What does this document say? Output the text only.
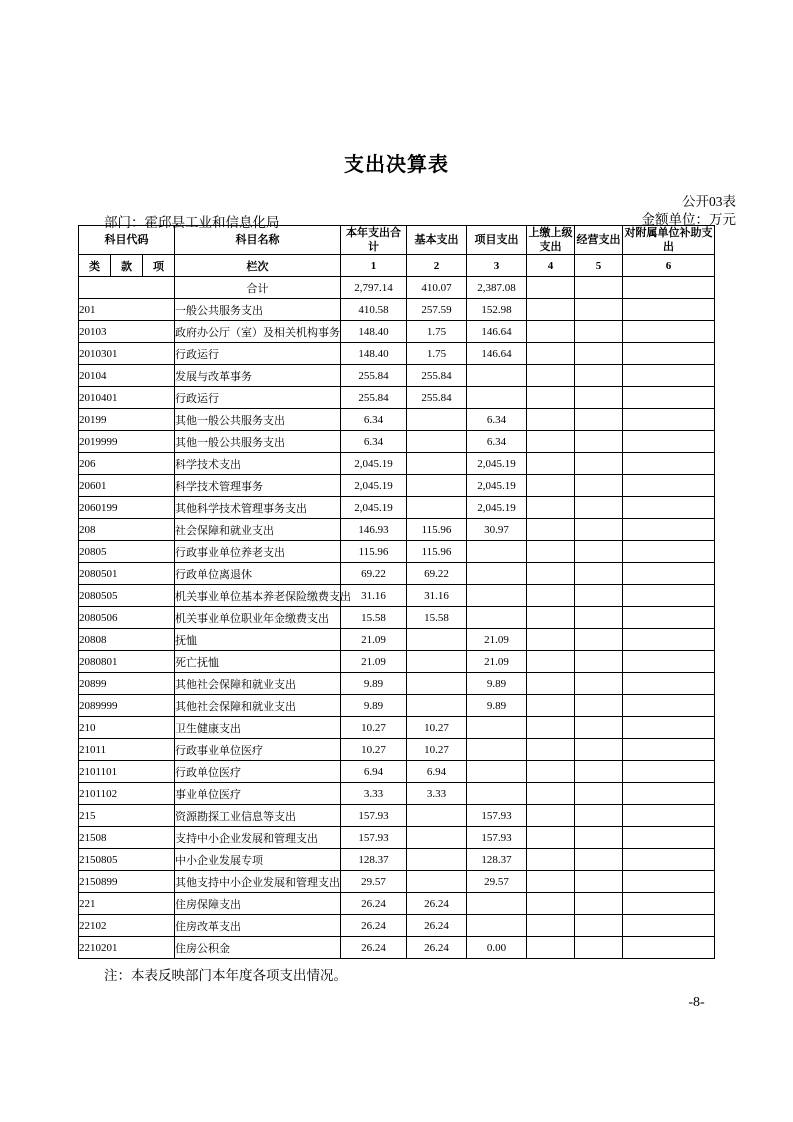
支出决算表
公开03表
金额单位：万元
部门：霍邱县工业和信息化局
科目代码			科目名称	本年支出合计	基本支出	项目支出	上缴上级支出	经营支出	对附属单位补助支出
类	款	项	栏次	1	2	3	4	5	6
			合计	2,797.14	410.07	2,387.08			
201			一般公共服务支出	410.58	257.59	152.98			
20103			政府办公厅（室）及相关机构事务	148.40	1.75	146.64			
2010301			行政运行	148.40	1.75	146.64			
20104			发展与改革事务	255.84	255.84				
2010401			行政运行	255.84	255.84				
20199			其他一般公共服务支出	6.34		6.34			
2019999			其他一般公共服务支出	6.34		6.34			
206			科学技术支出	2,045.19		2,045.19			
20601			科学技术管理事务	2,045.19		2,045.19			
2060199			其他科学技术管理事务支出	2,045.19		2,045.19			
208			社会保障和就业支出	146.93	115.96	30.97			
20805			行政事业单位养老支出	115.96	115.96				
2080501			行政单位离退休	69.22	69.22				
2080505			机关事业单位基本养老保险缴费支出	31.16	31.16				
2080506			机关事业单位职业年金缴费支出	15.58	15.58				
20808			抚恤	21.09		21.09			
2080801			死亡抚恤	21.09		21.09			
20899			其他社会保障和就业支出	9.89		9.89			
2089999			其他社会保障和就业支出	9.89		9.89			
210			卫生健康支出	10.27	10.27				
21011			行政事业单位医疗	10.27	10.27				
2101101			行政单位医疗	6.94	6.94				
2101102			事业单位医疗	3.33	3.33				
215			资源勘探工业信息等支出	157.93		157.93			
21508			支持中小企业发展和管理支出	157.93		157.93			
2150805			中小企业发展专项	128.37		128.37			
2150899			其他支持中小企业发展和管理支出	29.57		29.57			
221			住房保障支出	26.24	26.24				
22102			住房改革支出	26.24	26.24				
2210201			住房公积金	26.24	26.24	0.00			
注：本表反映部门本年度各项支出情况。
-8-
